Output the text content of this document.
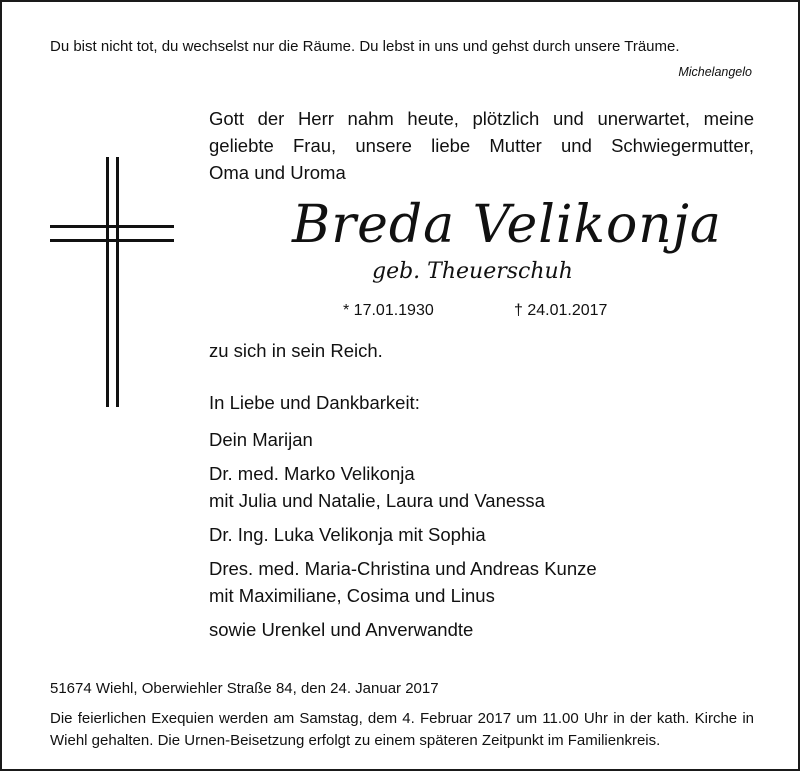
Du bist nicht tot, du wechselst nur die Räume. Du lebst in uns und gehst durch unsere Träume.
Michelangelo
Gott der Herr nahm heute, plötzlich und unerwartet, meine
geliebte Frau, unsere liebe Mutter und Schwiegermutter,
Oma und Uroma
Breda Velikonja
geb. Theuerschuh
* 17.01.1930	† 24.01.2017
zu sich in sein Reich.
In Liebe und Dankbarkeit:
Dein Marijan
Dr. med. Marko Velikonja
mit Julia und Natalie, Laura und Vanessa
Dr. Ing. Luka Velikonja mit Sophia
Dres. med. Maria-Christina und Andreas Kunze
mit Maximiliane, Cosima und Linus
sowie Urenkel und Anverwandte
51674 Wiehl, Oberwiehler Straße 84, den 24. Januar 2017
Die feierlichen Exequien werden am Samstag, dem 4. Februar 2017 um 11.00 Uhr in der kath. Kirche in Wiehl gehalten. Die Urnen-Beisetzung erfolgt zu einem späteren Zeitpunkt im Familienkreis.
